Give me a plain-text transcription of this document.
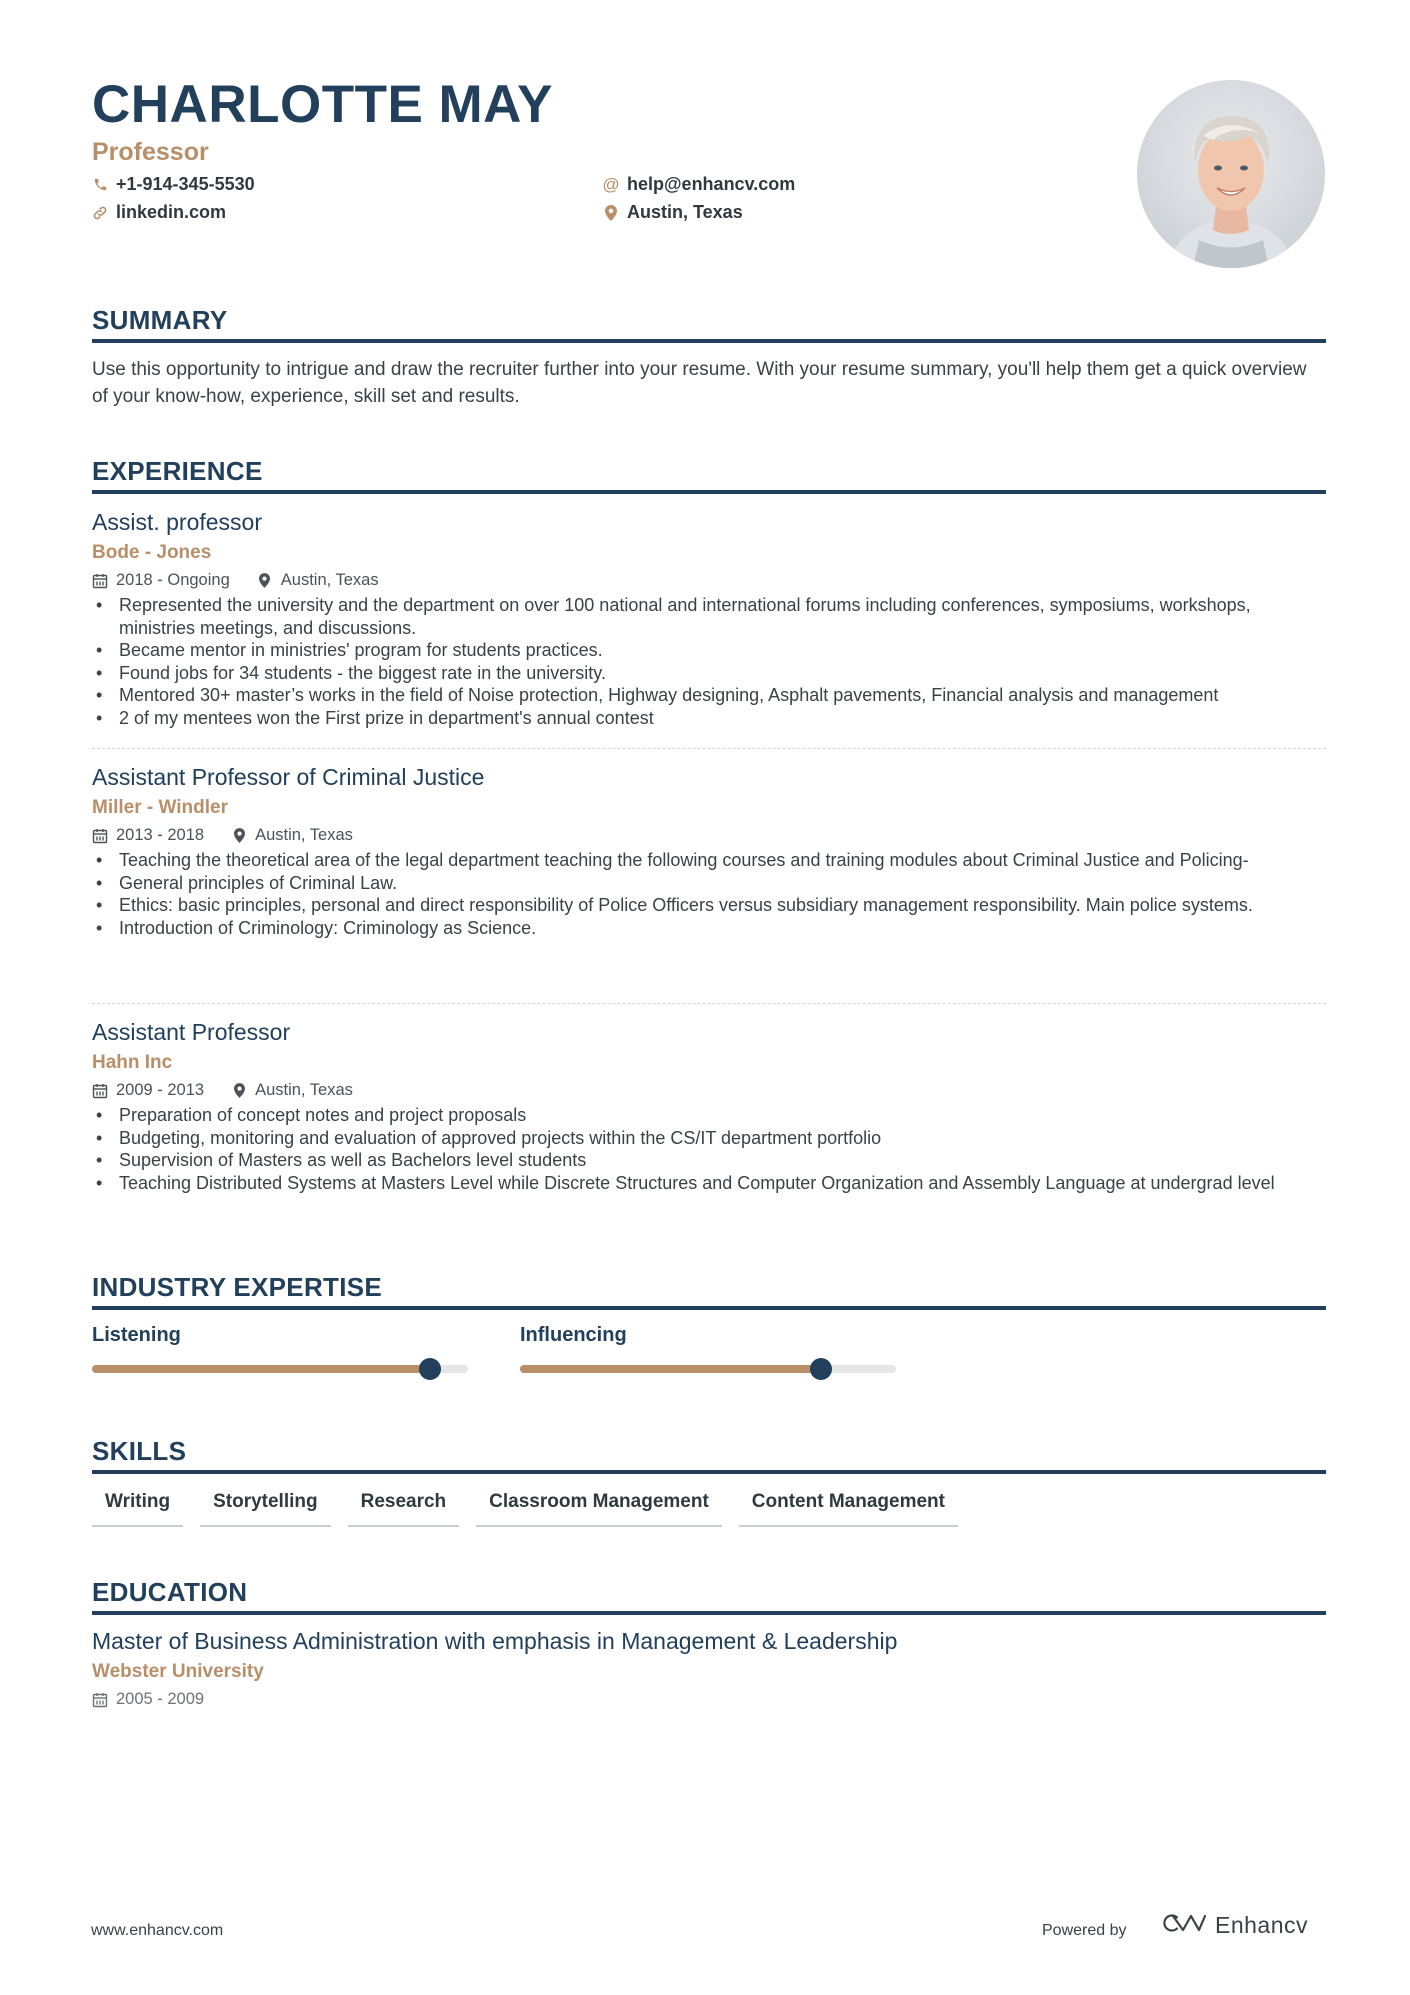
CHARLOTTE MAY
Professor
+1-914-345-5530
linkedin.com
@ help@enhancv.com
Austin, Texas
SUMMARY
Use this opportunity to intrigue and draw the recruiter further into your resume. With your resume summary, you'll help them get a quick overview of your know-how, experience, skill set and results.
EXPERIENCE
Assist. professor
Bode - Jones
2018 - Ongoing	Austin, Texas
• Represented the university and the department on over 100 national and international forums including conferences, symposiums, workshops, ministries meetings, and discussions.
• Became mentor in ministries' program for students practices.
• Found jobs for 34 students - the biggest rate in the university.
• Mentored 30+ master’s works in the field of Noise protection, Highway designing, Asphalt pavements, Financial analysis and management
• 2 of my mentees won the First prize in department's annual contest
Assistant Professor of Criminal Justice
Miller - Windler
2013 - 2018	Austin, Texas
• Teaching the theoretical area of the legal department teaching the following courses and training modules about Criminal Justice and Policing-
• General principles of Criminal Law.
• Ethics: basic principles, personal and direct responsibility of Police Officers versus subsidiary management responsibility. Main police systems.
• Introduction of Criminology: Criminology as Science.
Assistant Professor
Hahn Inc
2009 - 2013	Austin, Texas
• Preparation of concept notes and project proposals
• Budgeting, monitoring and evaluation of approved projects within the CS/IT department portfolio
• Supervision of Masters as well as Bachelors level students
• Teaching Distributed Systems at Masters Level while Discrete Structures and Computer Organization and Assembly Language at undergrad level
INDUSTRY EXPERTISE
Listening	Influencing
SKILLS
Writing	Storytelling	Research	Classroom Management	Content Management
EDUCATION
Master of Business Administration with emphasis in Management & Leadership
Webster University
2005 - 2009
www.enhancv.com	Powered by	Enhancv
